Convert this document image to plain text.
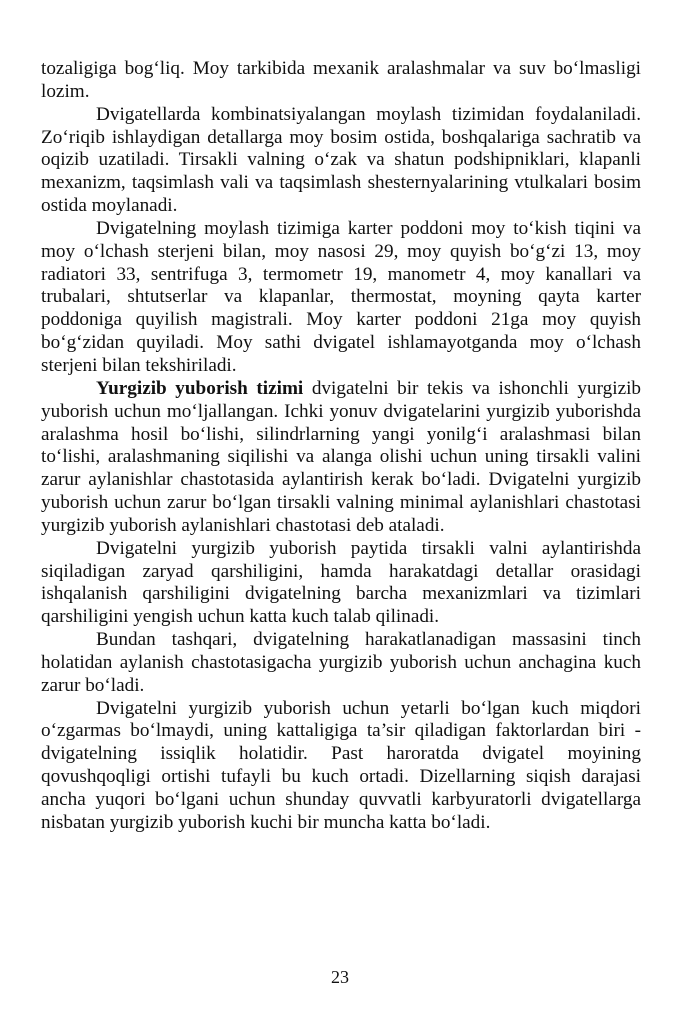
tozaligiga bog‘liq. Moy tarkibida mexanik aralashmalar va suv bo‘lmasligi lozim.

Dvigatellarda kombinatsiyalangan moylash tizimidan foydalaniladi. Zo‘riqib ishlaydigan detallarga moy bosim ostida, boshqalariga sachratib va oqizib uzatiladi. Tirsakli valning o‘zak va shatun podshipniklari, klapanli mexanizm, taqsimlash vali va taqsimlash shesternyalarining vtulkalari bosim ostida moylanadi.

Dvigatelning moylash tizimiga karter poddoni moy to‘kish tiqini va moy o‘lchash sterjeni bilan, moy nasosi 29, moy quyish bo‘g‘zi 13, moy radiatori 33, sentrifuga 3, termometr 19, manometr 4, moy kanallari va trubalari, shtutserlar va klapanlar, thermostat, moyning qayta karter poddoniga quyilish magistrali. Moy karter poddoni 21ga moy quyish bo‘g‘zidan quyiladi. Moy sathi dvigatel ishlamayotganda moy o‘lchash sterjeni bilan tekshiriladi.

Yurgizib yuborish tizimi dvigatelni bir tekis va ishonchli yurgizib yuborish uchun mo‘ljallangan. Ichki yonuv dvigatelarini yurgizib yuborishda aralashma hosil bo‘lishi, silindrlarning yangi yonilg‘i aralashmasi bilan to‘lishi, aralashmaning siqilishi va alanga olishi uchun uning tirsakli valini zarur aylanishlar chastotasida aylantirish kerak bo‘ladi. Dvigatelni yurgizib yuborish uchun zarur bo‘lgan tirsakli valning minimal aylanishlari chastotasi yurgizib yuborish aylanishlari chastotasi deb ataladi.

Dvigatelni yurgizib yuborish paytida tirsakli valni aylantirishda siqiladigan zaryad qarshiligini, hamda harakatdagi detallar orasidagi ishqalanish qarshiligini dvigatelning barcha mexanizmlari va tizimlari qarshiligini yengish uchun katta kuch talab qilinadi.

Bundan tashqari, dvigatelning harakatlanadigan massasini tinch holatidan aylanish chastotasigacha yurgizib yuborish uchun anchagina kuch zarur bo‘ladi.

Dvigatelni yurgizib yuborish uchun yetarli bo‘lgan kuch miqdori o‘zgarmas bo‘lmaydi, uning kattaligiga ta’sir qiladigan faktorlardan biri - dvigatelning issiqlik holatidir. Past haroratda dvigatel moyining qovushqoqligi ortishi tufayli bu kuch ortadi. Dizellarning siqish darajasi ancha yuqori bo‘lgani uchun shunday quvvatli karbyuratorli dvigatellarga nisbatan yurgizib yuborish kuchi bir muncha katta bo‘ladi.

23
